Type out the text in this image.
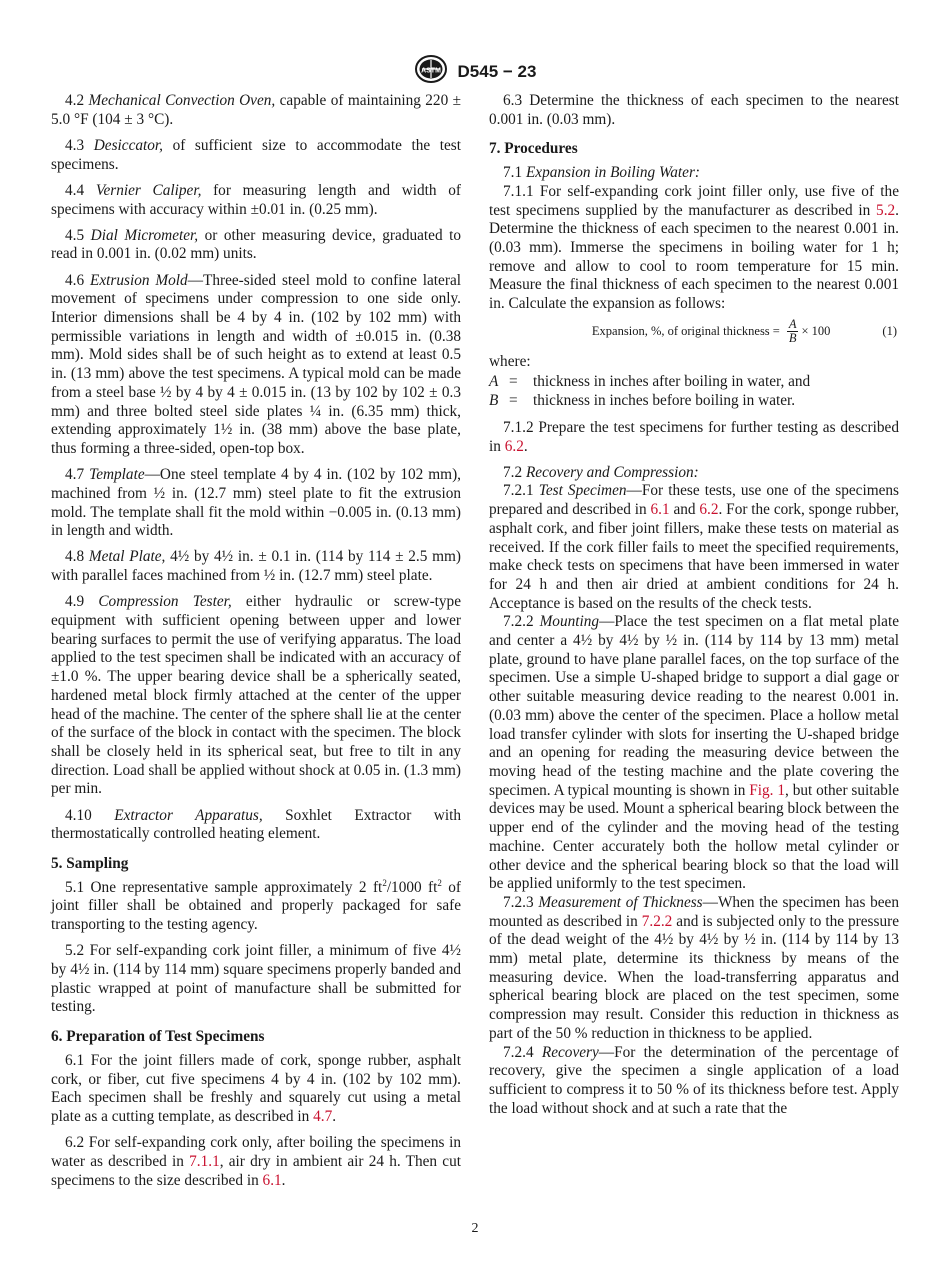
ASTM D545 − 23

4.2 Mechanical Convection Oven, capable of maintaining 220 ± 5.0 °F (104 ± 3 °C).

4.3 Desiccator, of sufficient size to accommodate the test specimens.

4.4 Vernier Caliper, for measuring length and width of specimens with accuracy within ±0.01 in. (0.25 mm).

4.5 Dial Micrometer, or other measuring device, graduated to read in 0.001 in. (0.02 mm) units.

4.6 Extrusion Mold—Three-sided steel mold to confine lateral movement of specimens under compression to one side only. Interior dimensions shall be 4 by 4 in. (102 by 102 mm) with permissible variations in length and width of ±0.015 in. (0.38 mm). Mold sides shall be of such height as to extend at least 0.5 in. (13 mm) above the test specimens. A typical mold can be made from a steel base ½ by 4 by 4 ± 0.015 in. (13 by 102 by 102 ± 0.3 mm) and three bolted steel side plates ¼ in. (6.35 mm) thick, extending approximately 1½ in. (38 mm) above the base plate, thus forming a three-sided, open-top box.

4.7 Template—One steel template 4 by 4 in. (102 by 102 mm), machined from ½ in. (12.7 mm) steel plate to fit the extrusion mold. The template shall fit the mold within −0.005 in. (0.13 mm) in length and width.

4.8 Metal Plate, 4½ by 4½ in. ± 0.1 in. (114 by 114 ± 2.5 mm) with parallel faces machined from ½ in. (12.7 mm) steel plate.

4.9 Compression Tester, either hydraulic or screw-type equipment with sufficient opening between upper and lower bearing surfaces to permit the use of verifying apparatus. The load applied to the test specimen shall be indicated with an accuracy of ±1.0 %. The upper bearing device shall be a spherically seated, hardened metal block firmly attached at the center of the upper head of the machine. The center of the sphere shall lie at the center of the surface of the block in contact with the specimen. The block shall be closely held in its spherical seat, but free to tilt in any direction. Load shall be applied without shock at 0.05 in. (1.3 mm) per min.

4.10 Extractor Apparatus, Soxhlet Extractor with thermostatically controlled heating element.

5. Sampling

5.1 One representative sample approximately 2 $ft^2/1000$ $ft^2$ of joint filler shall be obtained and properly packaged for safe transporting to the testing agency.

5.2 For self-expanding cork joint filler, a minimum of five 4½ by 4½ in. (114 by 114 mm) square specimens properly banded and plastic wrapped at point of manufacture shall be submitted for testing.

6. Preparation of Test Specimens

6.1 For the joint fillers made of cork, sponge rubber, asphalt cork, or fiber, cut five specimens 4 by 4 in. (102 by 102 mm). Each specimen shall be freshly and squarely cut using a metal plate as a cutting template, as described in 4.7.

6.2 For self-expanding cork only, after boiling the specimens in water as described in 7.1.1, air dry in ambient air 24 h. Then cut specimens to the size described in 6.1.

6.3 Determine the thickness of each specimen to the nearest 0.001 in. (0.03 mm).

7. Procedures

7.1 Expansion in Boiling Water:

7.1.1 For self-expanding cork joint filler only, use five of the test specimens supplied by the manufacturer as described in 5.2. Determine the thickness of each specimen to the nearest 0.001 in. (0.03 mm). Immerse the specimens in boiling water for 1 h; remove and allow to cool to room temperature for 15 min. Measure the final thickness of each specimen to the nearest 0.001 in. Calculate the expansion as follows:

Expansion, %, of original thickness = $\frac{A}{B} \times 100$	(1)

where:

A =	thickness in inches after boiling in water, and
B =	thickness in inches before boiling in water.

7.1.2 Prepare the test specimens for further testing as described in 6.2.

7.2 Recovery and Compression:

7.2.1 Test Specimen—For these tests, use one of the specimens prepared and described in 6.1 and 6.2. For the cork, sponge rubber, asphalt cork, and fiber joint fillers, make these tests on material as received. If the cork filler fails to meet the specified requirements, make check tests on specimens that have been immersed in water for 24 h and then air dried at ambient conditions for 24 h. Acceptance is based on the results of the check tests.

7.2.2 Mounting—Place the test specimen on a flat metal plate and center a 4½ by 4½ by ½ in. (114 by 114 by 13 mm) metal plate, ground to have plane parallel faces, on the top surface of the specimen. Use a simple U-shaped bridge to support a dial gage or other suitable measuring device reading to the nearest 0.001 in. (0.03 mm) above the center of the specimen. Place a hollow metal load transfer cylinder with slots for inserting the U-shaped bridge and an opening for reading the measuring device between the moving head of the testing machine and the plate covering the specimen. A typical mounting is shown in Fig. 1, but other suitable devices may be used. Mount a spherical bearing block between the upper end of the cylinder and the moving head of the testing machine. Center accurately both the hollow metal cylinder or other device and the spherical bearing block so that the load will be applied uniformly to the test specimen.

7.2.3 Measurement of Thickness—When the specimen has been mounted as described in 7.2.2 and is subjected only to the pressure of the dead weight of the 4½ by 4½ by ½ in. (114 by 114 by 13 mm) metal plate, determine its thickness by means of the measuring device. When the load-transferring apparatus and spherical bearing block are placed on the test specimen, some compression may result. Consider this reduction in thickness as part of the 50 % reduction in thickness to be applied.

7.2.4 Recovery—For the determination of the percentage of recovery, give the specimen a single application of a load sufficient to compress it to 50 % of its thickness before test. Apply the load without shock and at such a rate that the

2
